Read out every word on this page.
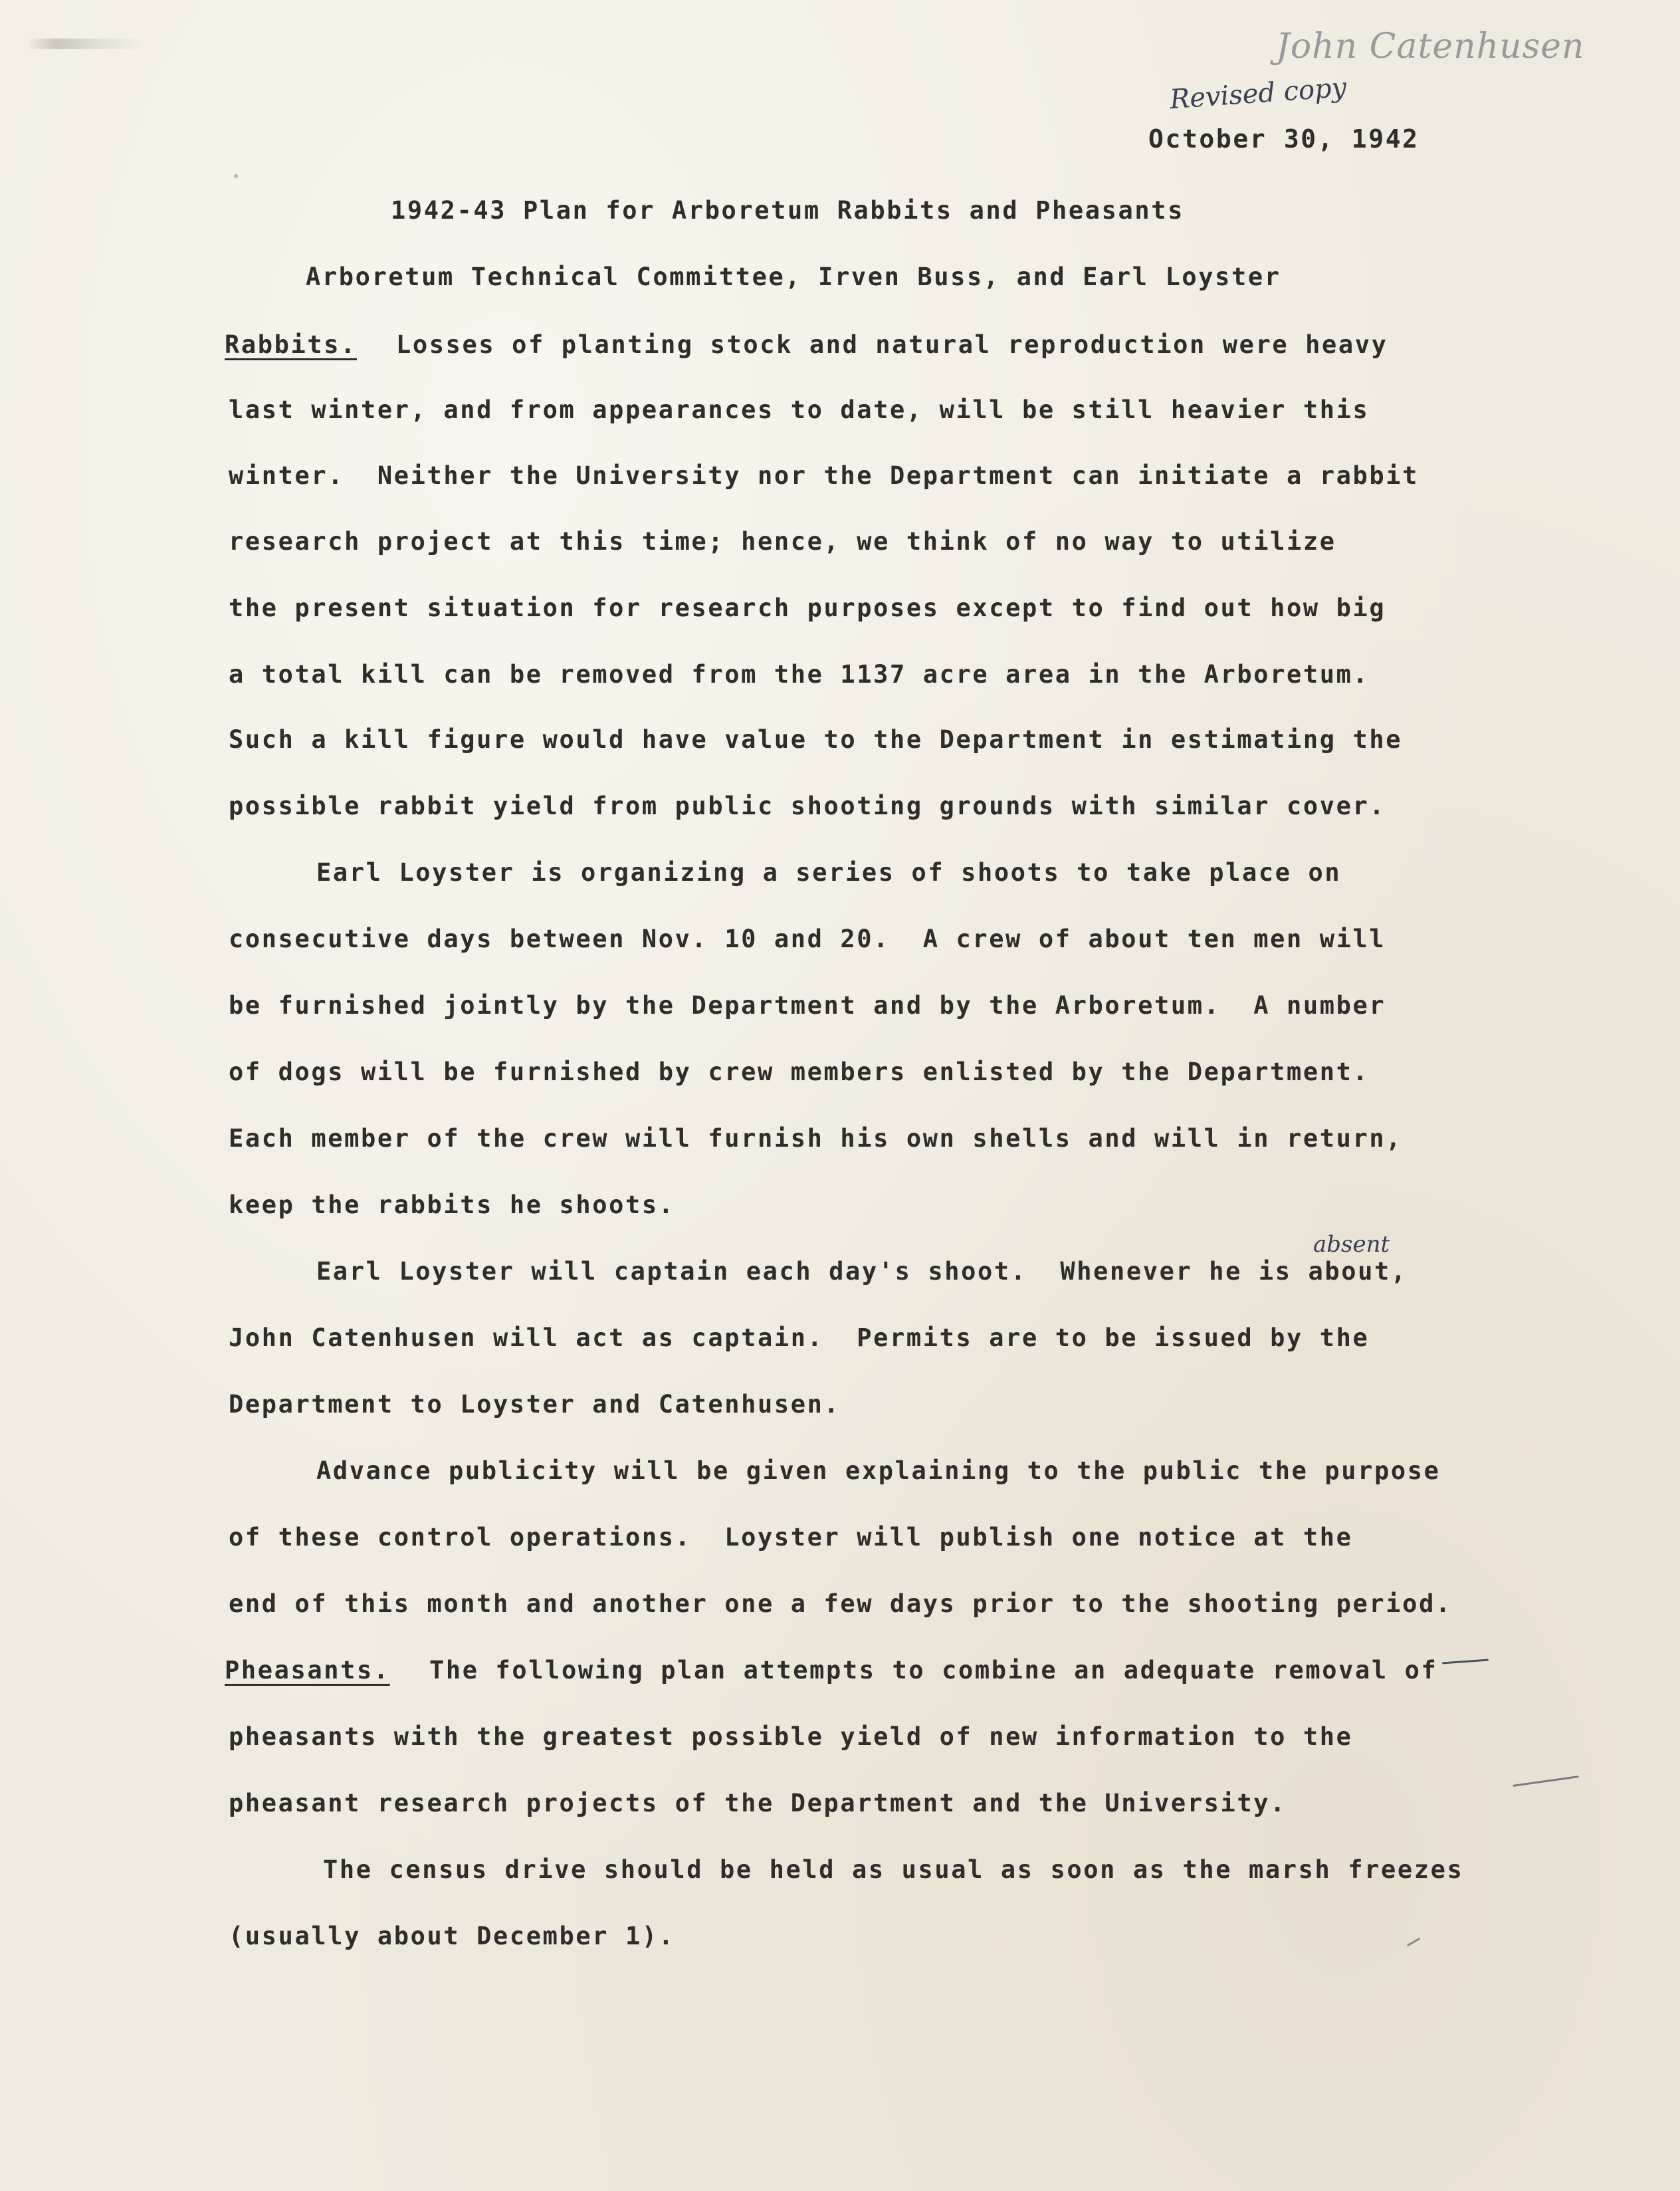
John Catenhusen
Revised copy
October 30, 1942
1942-43 Plan for Arboretum Rabbits and Pheasants
Arboretum Technical Committee, Irven Buss, and Earl Loyster
Rabbits. Losses of planting stock and natural reproduction were heavy
last winter, and from appearances to date, will be still heavier this
winter.  Neither the University nor the Department can initiate a rabbit
research project at this time; hence, we think of no way to utilize
the present situation for research purposes except to find out how big
a total kill can be removed from the 1137 acre area in the Arboretum.
Such a kill figure would have value to the Department in estimating the
possible rabbit yield from public shooting grounds with similar cover.
Earl Loyster is organizing a series of shoots to take place on
consecutive days between Nov. 10 and 20.  A crew of about ten men will
be furnished jointly by the Department and by the Arboretum.  A number
of dogs will be furnished by crew members enlisted by the Department.
Each member of the crew will furnish his own shells and will in return,
keep the rabbits he shoots.
absent
Earl Loyster will captain each day's shoot.  Whenever he is about,
John Catenhusen will act as captain.  Permits are to be issued by the
Department to Loyster and Catenhusen.
Advance publicity will be given explaining to the public the purpose
of these control operations.  Loyster will publish one notice at the
end of this month and another one a few days prior to the shooting period.
Pheasants. The following plan attempts to combine an adequate removal of
pheasants with the greatest possible yield of new information to the
pheasant research projects of the Department and the University.
The census drive should be held as usual as soon as the marsh freezes
(usually about December 1).
